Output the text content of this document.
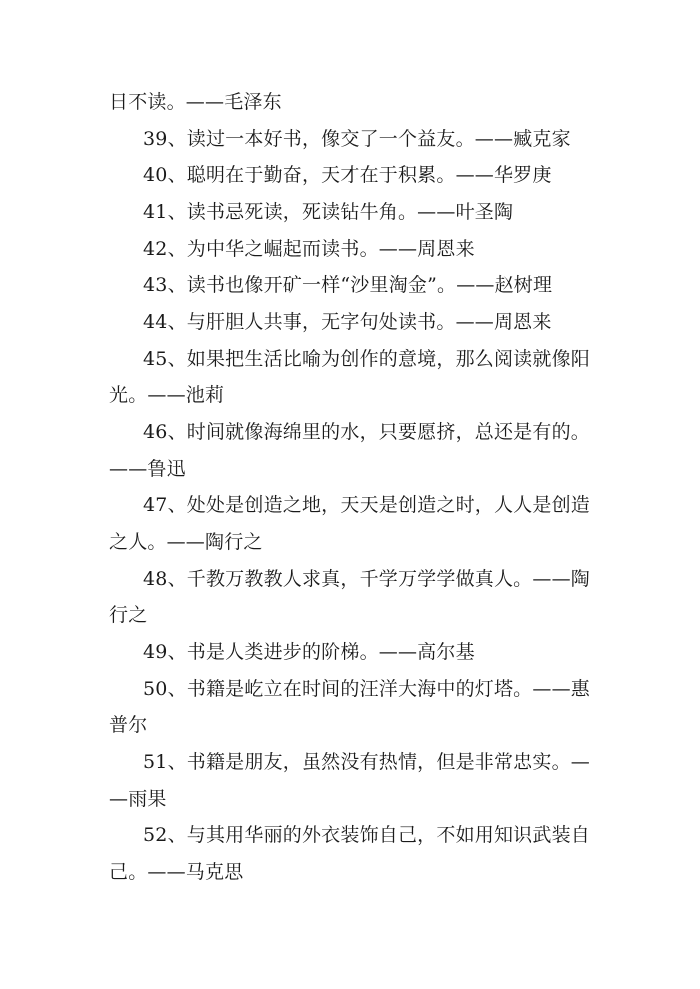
日不读。——毛泽东
39、读过一本好书，像交了一个益友。——臧克家
40、聪明在于勤奋，天才在于积累。——华罗庚
41、读书忌死读，死读钻牛角。——叶圣陶
42、为中华之崛起而读书。——周恩来
43、读书也像开矿一样“沙里淘金”。——赵树理
44、与肝胆人共事，无字句处读书。——周恩来
45、如果把生活比喻为创作的意境，那么阅读就像阳
光。——池莉
46、时间就像海绵里的水，只要愿挤，总还是有的。
——鲁迅
47、处处是创造之地，天天是创造之时，人人是创造
之人。——陶行之
48、千教万教教人求真，千学万学学做真人。——陶
行之
49、书是人类进步的阶梯。——高尔基
50、书籍是屹立在时间的汪洋大海中的灯塔。——惠
普尔
51、书籍是朋友，虽然没有热情，但是非常忠实。—
—雨果
52、与其用华丽的外衣装饰自己，不如用知识武装自
己。——马克思
